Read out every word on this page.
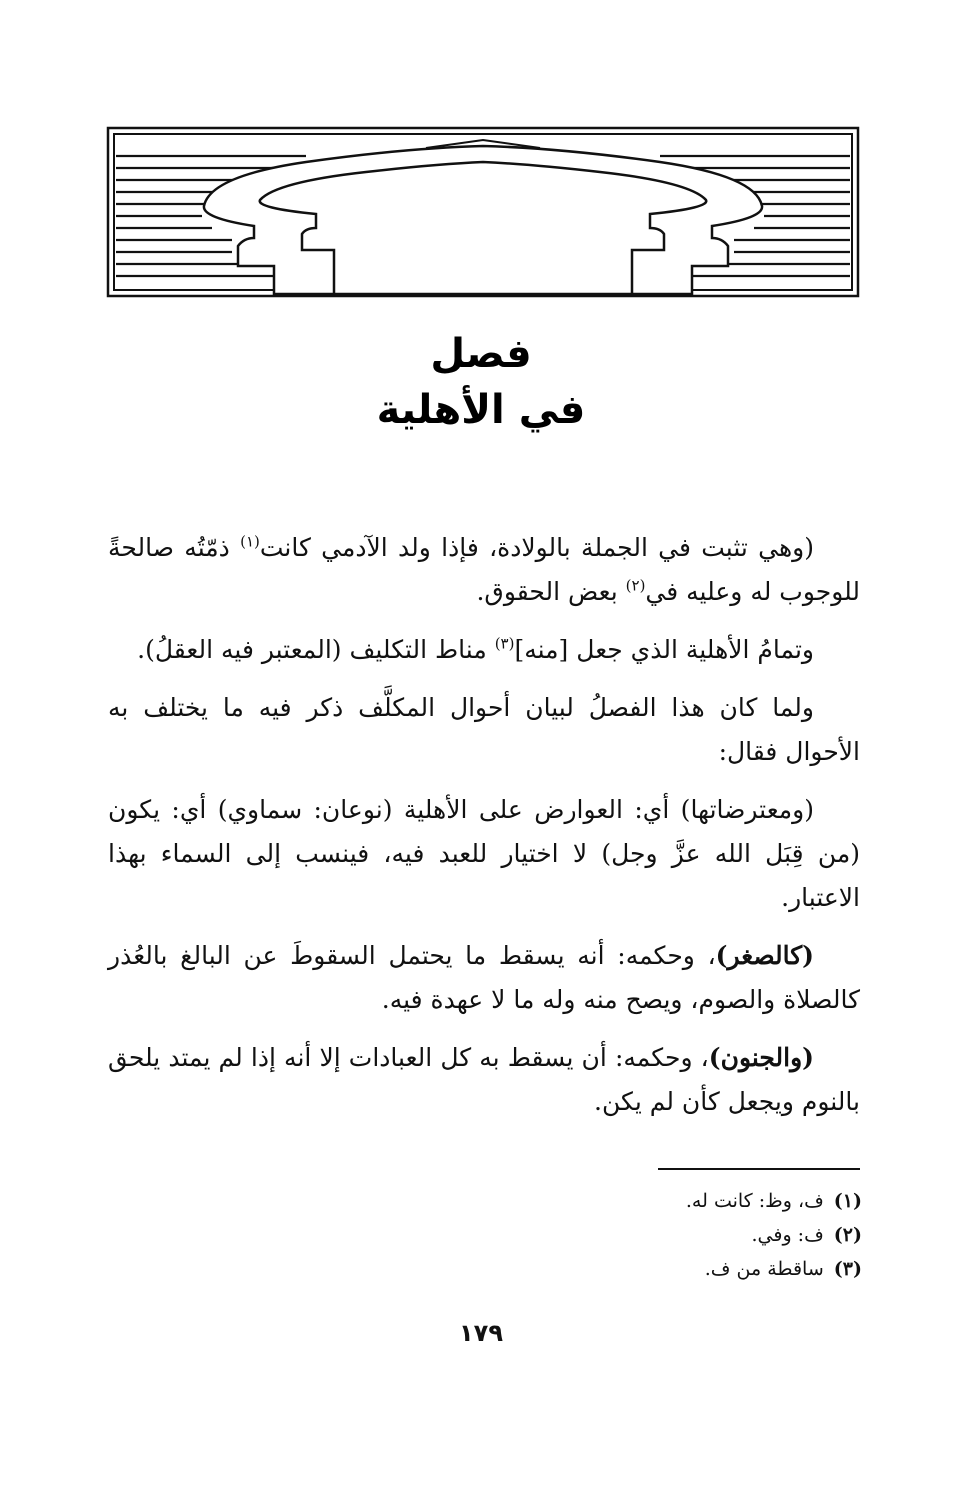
فصل
في الأهلية

(وهي تثبت في الجملة بالولادة، فإذا ولد الآدمي كانت$^{(١)}$ ذمّتُه صالحةً للوجوب له وعليه في$^{(٢)}$ بعض الحقوق.

وتمامُ الأهلية الذي جعل [منه]$^{(٣)}$ مناط التكليف (المعتبر فيه العقلُ).

ولما كان هذا الفصلُ لبيان أحوال المكلَّف ذكر فيه ما يختلف به الأحوال فقال:

(ومعترضاتها) أي: العوارض على الأهلية (نوعان: سماوي) أي: يكون (من قِبَل الله عزَّ وجل) لا اختيار للعبد فيه، فينسب إلى السماء بهذا الاعتبار.

(كالصغر)، وحكمه: أنه يسقط ما يحتمل السقوطَ عن البالغ بالعُذر كالصلاة والصوم، ويصح منه وله ما لا عهدة فيه.

(والجنون)، وحكمه: أن يسقط به كل العبادات إلا أنه إذا لم يمتد يلحق بالنوم ويجعل كأن لم يكن.

(١)ف، وظ: كانت له.
(٢)ف: وفي.
(٣)ساقطة من ف.
١٧٩
